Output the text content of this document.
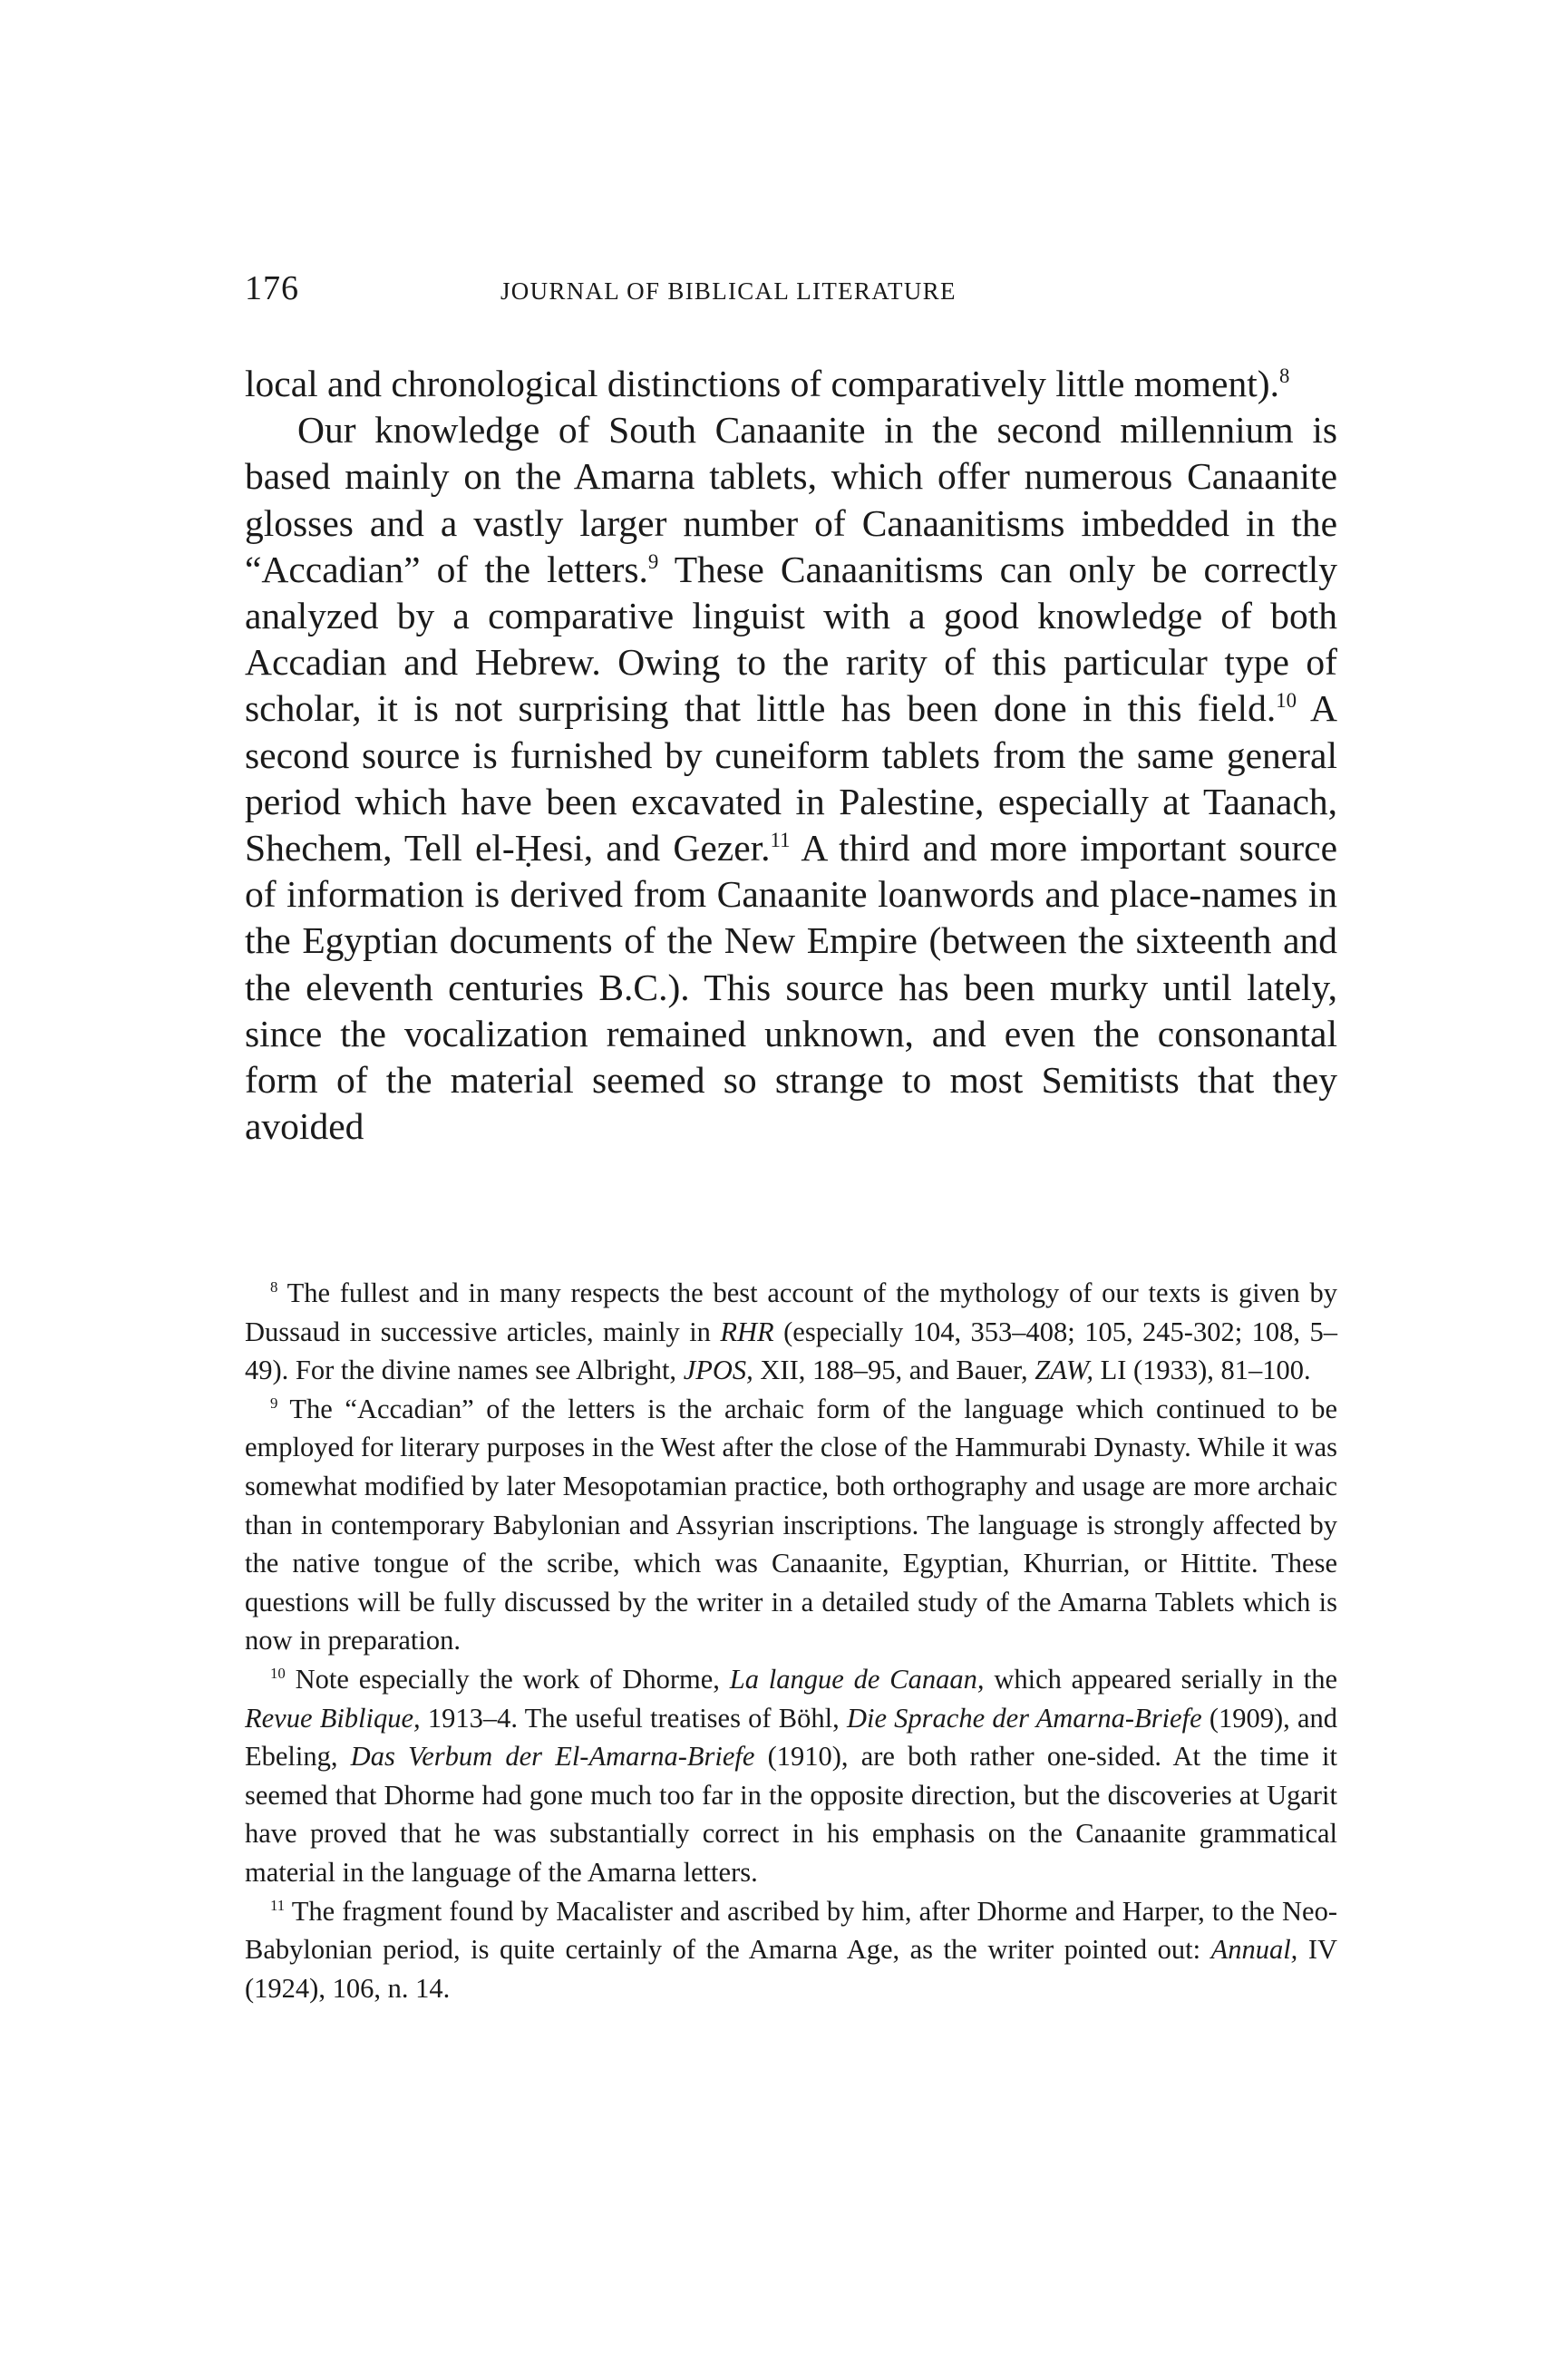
176	JOURNAL OF BIBLICAL LITERATURE

local and chronological distinctions of comparatively little moment).$^8$

Our knowledge of South Canaanite in the second millennium is based mainly on the Amarna tablets, which offer numerous Canaanite glosses and a vastly larger number of Canaanitisms imbedded in the “Accadian” of the letters.$^9$ These Canaanitisms can only be correctly analyzed by a comparative linguist with a good knowledge of both Accadian and Hebrew. Owing to the rarity of this particular type of scholar, it is not surprising that little has been done in this field.$^{10}$ A second source is furnished by cuneiform tablets from the same general period which have been excavated in Palestine, especially at Taanach, Shechem, Tell el-Ḥesi, and Gezer.$^{11}$ A third and more important source of information is derived from Canaanite loanwords and place-names in the Egyptian documents of the New Empire (between the sixteenth and the eleventh centuries B.C.). This source has been murky until lately, since the vocalization remained unknown, and even the consonantal form of the material seemed so strange to most Semitists that they avoided

$^8$ The fullest and in many respects the best account of the mythology of our texts is given by Dussaud in successive articles, mainly in RHR (especially 104, 353–408; 105, 245-302; 108, 5–49). For the divine names see Albright, JPOS, XII, 188–95, and Bauer, ZAW, LI (1933), 81–100.

$^9$ The “Accadian” of the letters is the archaic form of the language which continued to be employed for literary purposes in the West after the close of the Hammurabi Dynasty. While it was somewhat modified by later Mesopotamian practice, both orthography and usage are more archaic than in contemporary Babylonian and Assyrian inscriptions. The language is strongly affected by the native tongue of the scribe, which was Canaanite, Egyptian, Khurrian, or Hittite. These questions will be fully discussed by the writer in a detailed study of the Amarna Tablets which is now in preparation.

$^{10}$ Note especially the work of Dhorme, La langue de Canaan, which appeared serially in the Revue Biblique, 1913–4. The useful treatises of Böhl, Die Sprache der Amarna-Briefe (1909), and Ebeling, Das Verbum der El-Amarna-Briefe (1910), are both rather one-sided. At the time it seemed that Dhorme had gone much too far in the opposite direction, but the discoveries at Ugarit have proved that he was substantially correct in his emphasis on the Canaanite grammatical material in the language of the Amarna letters.

$^{11}$ The fragment found by Macalister and ascribed by him, after Dhorme and Harper, to the Neo-Babylonian period, is quite certainly of the Amarna Age, as the writer pointed out: Annual, IV (1924), 106, n. 14.
